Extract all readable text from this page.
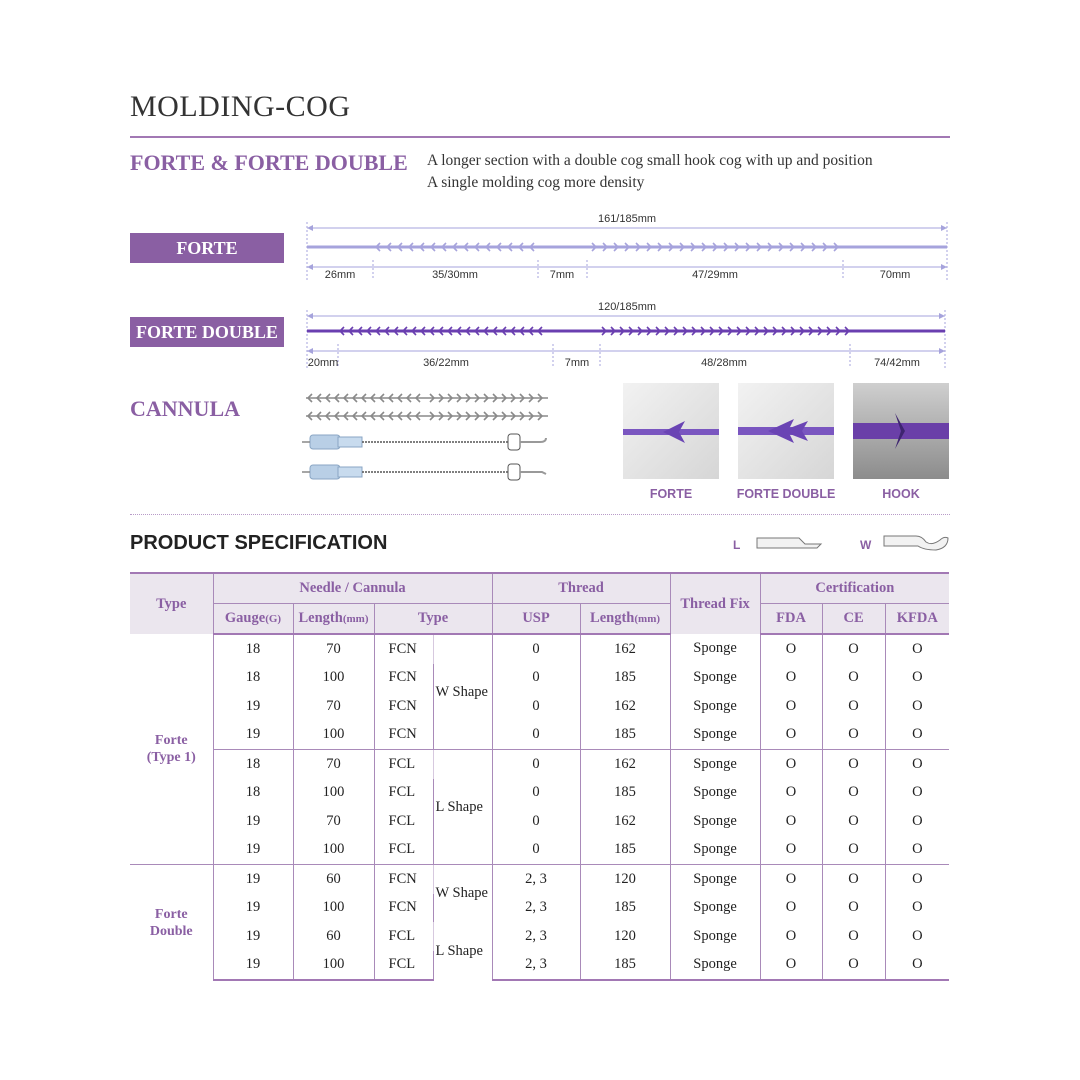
MOLDING-COG
FORTE & FORTE DOUBLE A longer section with a double cog small hook cog with up and position
A single molding cog more density
FORTE
161/185mm
26mm	35/30mm	7mm	47/29mm	70mm
FORTE DOUBLE
120/185mm
20mm	36/22mm	7mm	48/28mm	74/42mm
CANNULA
FORTE	FORTE DOUBLE	HOOK
PRODUCT SPECIFICATION	L	W
Type	Needle / Cannula				Thread		Thread Fix	Certification		
	Gauge(G)	Length(mm)	Type		USP	Length(mm)		FDA	CE	KFDA
Forte
(Type 1)	18	70	FCN	W Shape	0	162	Sponge	O	O	O
	18	100	FCN		0	185	Sponge	O	O	O
	19	70	FCN		0	162	Sponge	O	O	O
	19	100	FCN		0	185	Sponge	O	O	O
	18	70	FCL	L Shape	0	162	Sponge	O	O	O
	18	100	FCL		0	185	Sponge	O	O	O
	19	70	FCL		0	162	Sponge	O	O	O
	19	100	FCL		0	185	Sponge	O	O	O
Forte
Double	19	60	FCN	W Shape	2, 3	120	Sponge	O	O	O
	19	100	FCN		2, 3	185	Sponge	O	O	O
	19	60	FCL	L Shape	2, 3	120	Sponge	O	O	O
	19	100	FCL		2, 3	185	Sponge	O	O	O
